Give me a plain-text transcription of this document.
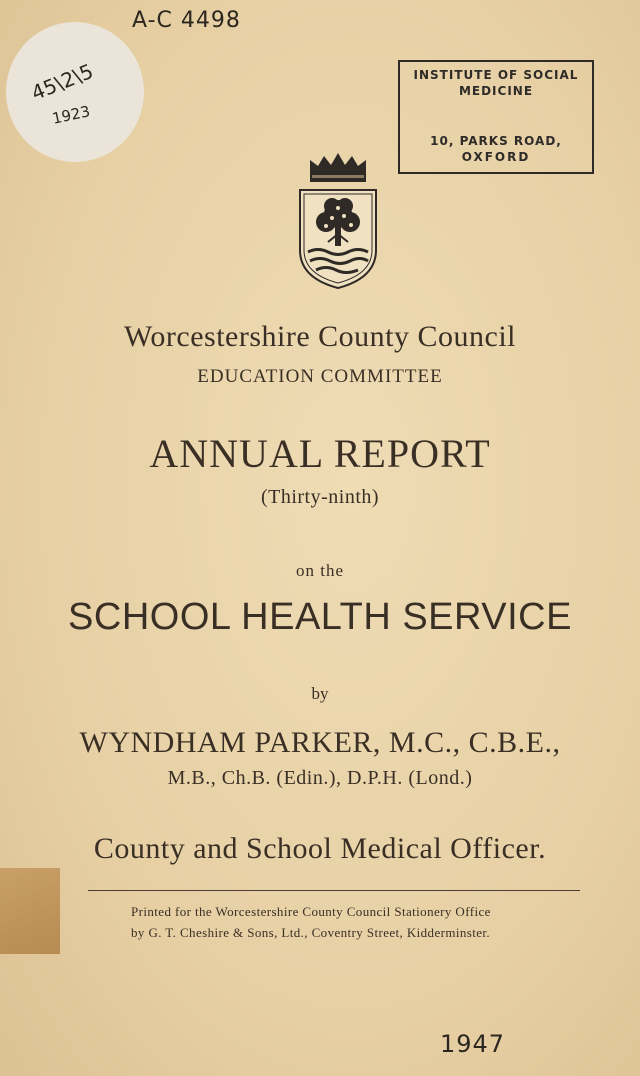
A-C 4498
45\2\5
1923
INSTITUTE OF SOCIAL
MEDICINE
10, PARKS ROAD,
OXFORD
Worcestershire County Council
EDUCATION COMMITTEE
ANNUAL REPORT
(Thirty-ninth)
on the
SCHOOL HEALTH SERVICE
by
WYNDHAM PARKER, M.C., C.B.E.,
M.B., Ch.B. (Edin.), D.P.H. (Lond.)
County and School Medical Officer.
Printed for the Worcestershire County Council Stationery Office
by G. T. Cheshire & Sons, Ltd., Coventry Street, Kidderminster.
1947
